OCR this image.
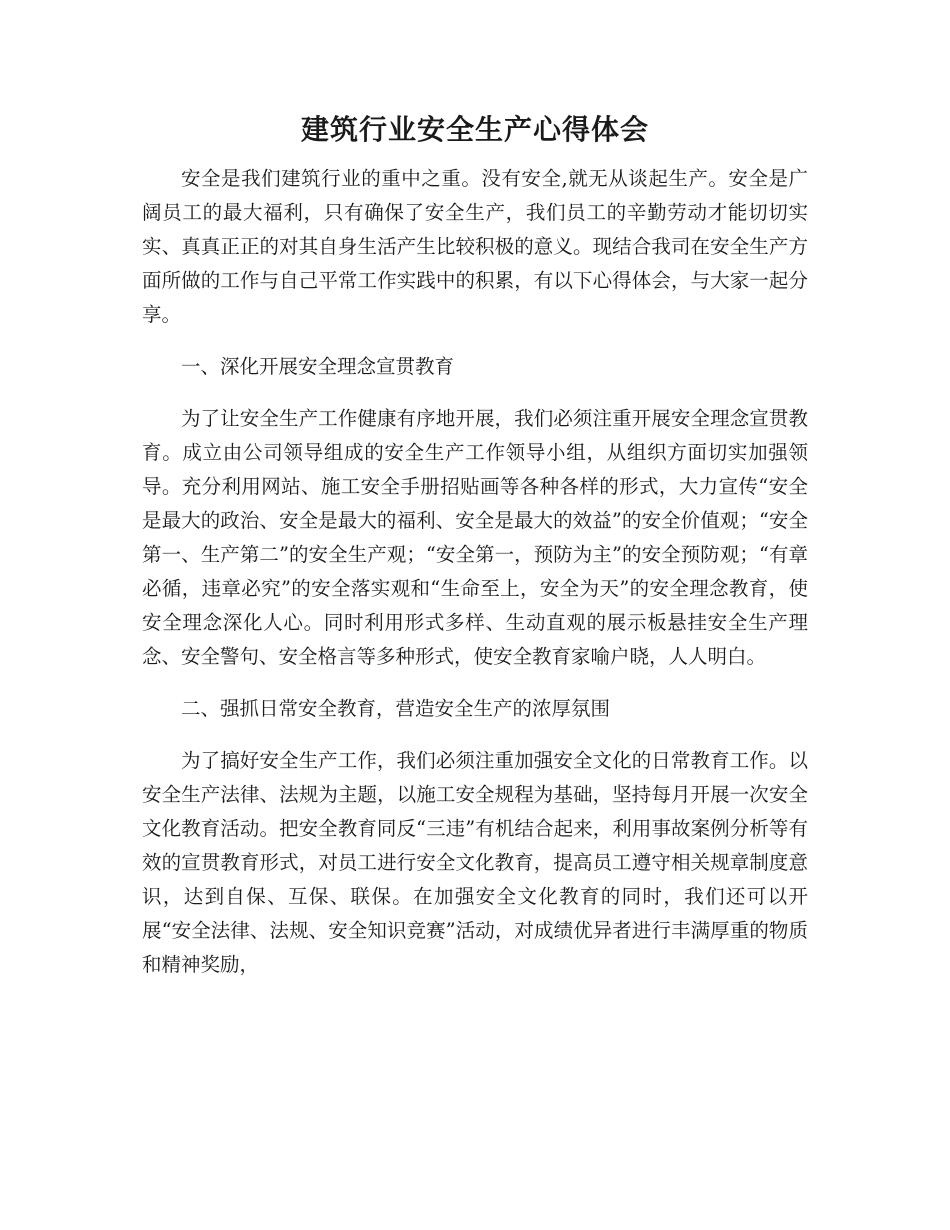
建筑行业安全生产心得体会

安全是我们建筑行业的重中之重。没有安全,就无从谈起生产。安全是广阔员工的最大福利，只有确保了安全生产，我们员工的辛勤劳动才能切切实实、真真正正的对其自身生活产生比较积极的意义。现结合我司在安全生产方面所做的工作与自己平常工作实践中的积累，有以下心得体会，与大家一起分享。

一、深化开展安全理念宣贯教育

为了让安全生产工作健康有序地开展，我们必须注重开展安全理念宣贯教育。成立由公司领导组成的安全生产工作领导小组，从组织方面切实加强领导。充分利用网站、施工安全手册招贴画等各种各样的形式，大力宣传“安全是最大的政治、安全是最大的福利、安全是最大的效益”的安全价值观；“安全第一、生产第二”的安全生产观；“安全第一，预防为主”的安全预防观；“有章必循，违章必究”的安全落实观和“生命至上，安全为天”的安全理念教育，使安全理念深化人心。同时利用形式多样、生动直观的展示板悬挂安全生产理念、安全警句、安全格言等多种形式，使安全教育家喻户晓，人人明白。

二、强抓日常安全教育，营造安全生产的浓厚氛围

为了搞好安全生产工作，我们必须注重加强安全文化的日常教育工作。以安全生产法律、法规为主题，以施工安全规程为基础，坚持每月开展一次安全文化教育活动。把安全教育同反“三违”有机结合起来，利用事故案例分析等有效的宣贯教育形式，对员工进行安全文化教育，提高员工遵守相关规章制度意识，达到自保、互保、联保。在加强安全文化教育的同时，我们还可以开展“安全法律、法规、安全知识竞赛”活动，对成绩优异者进行丰满厚重的物质和精神奖励，
